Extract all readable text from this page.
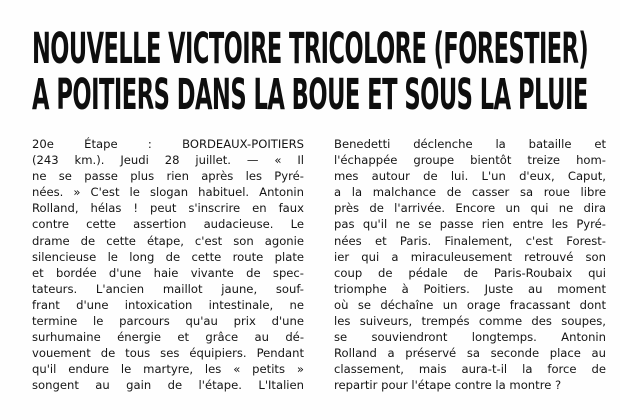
NOUVELLE VICTOIRE TRICOLORE (FORESTIER)
A POITIERS DANS LA BOUE ET SOUS LA PLUIE
20e Étape : BORDEAUX-POITIERS
(243 km.). Jeudi 28 juillet. — « Il
ne se passe plus rien après les Pyré-
nées. » C'est le slogan habituel. Antonin
Rolland, hélas ! peut s'inscrire en faux
contre cette assertion audacieuse. Le
drame de cette étape, c'est son agonie
silencieuse le long de cette route plate
et bordée d'une haie vivante de spec-
tateurs. L'ancien maillot jaune, souf-
frant d'une intoxication intestinale, ne
termine le parcours qu'au prix d'une
surhumaine énergie et grâce au dé-
vouement de tous ses équipiers. Pendant
qu'il endure le martyre, les « petits »
songent au gain de l'étape. L'Italien
Benedetti déclenche la bataille et
l'échappée groupe bientôt treize hom-
mes autour de lui. L'un d'eux, Caput,
a la malchance de casser sa roue libre
près de l'arrivée. Encore un qui ne dira
pas qu'il ne se passe rien entre les Pyré-
nées et Paris. Finalement, c'est Forest-
ier qui a miraculeusement retrouvé son
coup de pédale de Paris-Roubaix qui
triomphe à Poitiers. Juste au moment
où se déchaîne un orage fracassant dont
les suiveurs, trempés comme des soupes,
se souviendront longtemps. Antonin
Rolland a préservé sa seconde place au
classement, mais aura-t-il la force de
repartir pour l'étape contre la montre ?
